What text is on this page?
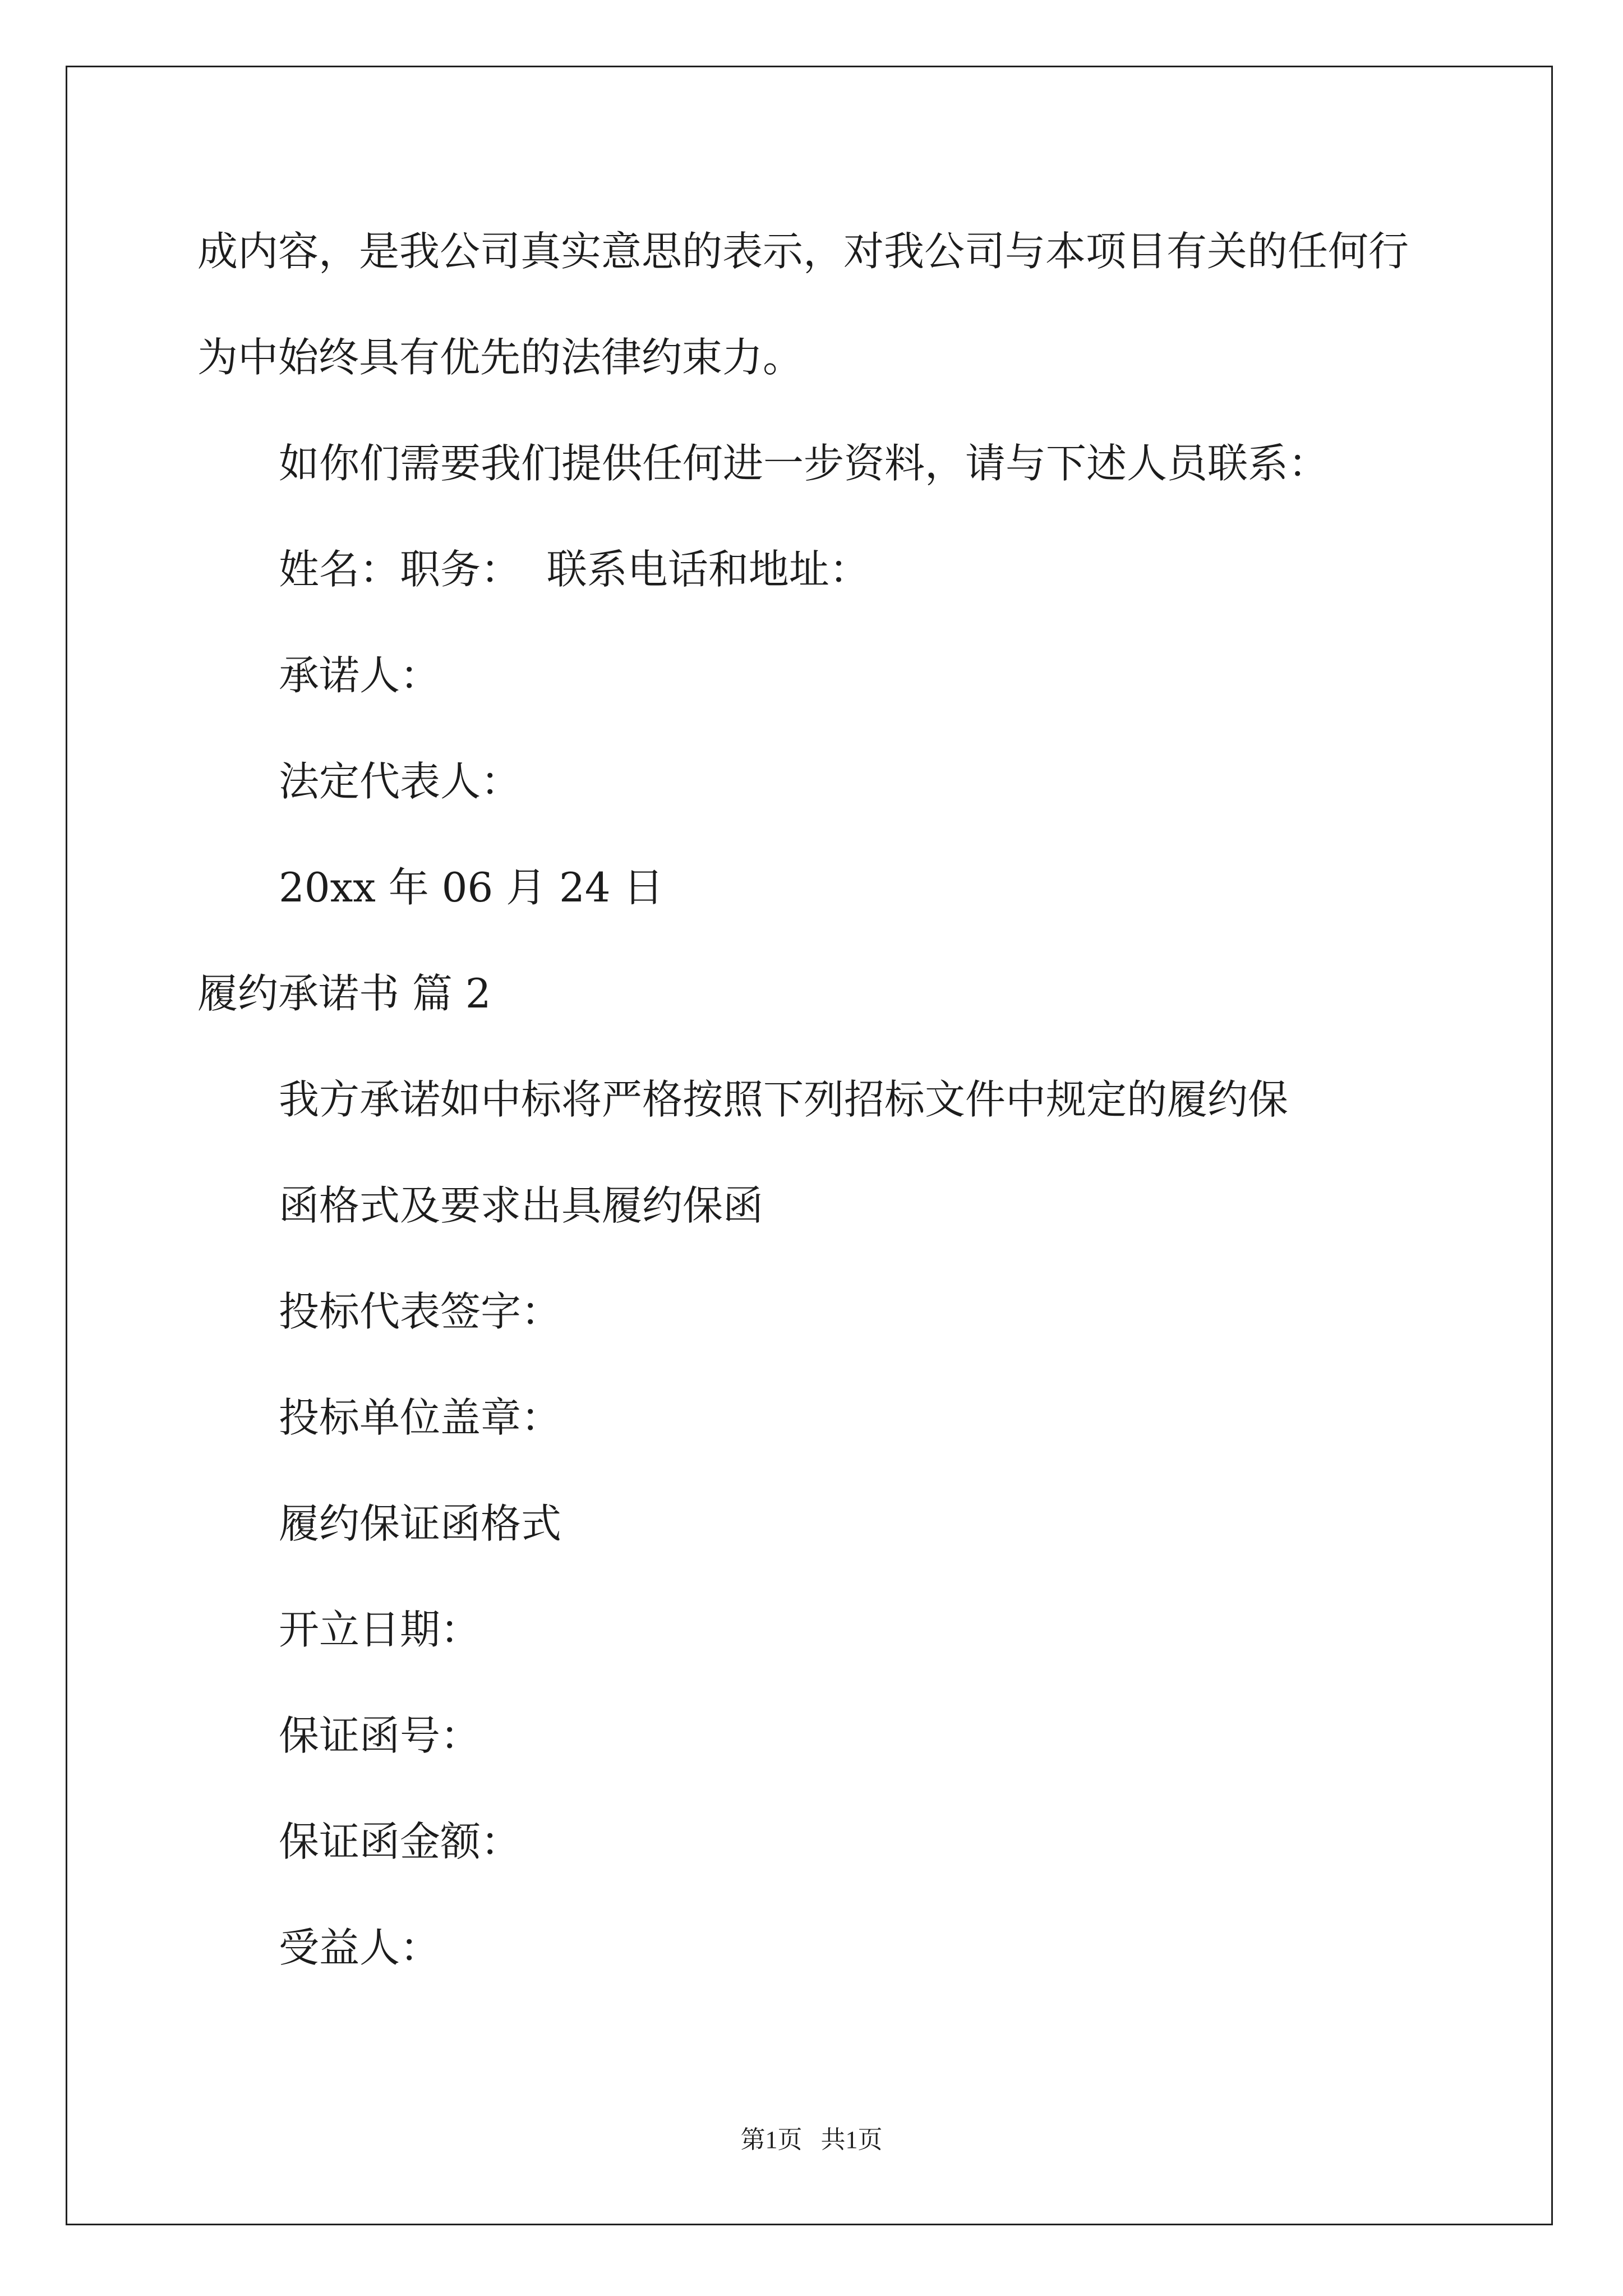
成内容，是我公司真实意思的表示，对我公司与本项目有关的任何行
为中始终具有优先的法律约束力。
如你们需要我们提供任何进一步资料，请与下述人员联系：
姓名：职务：  联系电话和地址：
承诺人：
法定代表人：
20xx 年 06 月 24 日
履约承诺书 篇 2
我方承诺如中标将严格按照下列招标文件中规定的履约保
函格式及要求出具履约保函
投标代表签字：
投标单位盖章：
履约保证函格式
开立日期：
保证函号：
保证函金额：
受益人：
第1页   共1页
